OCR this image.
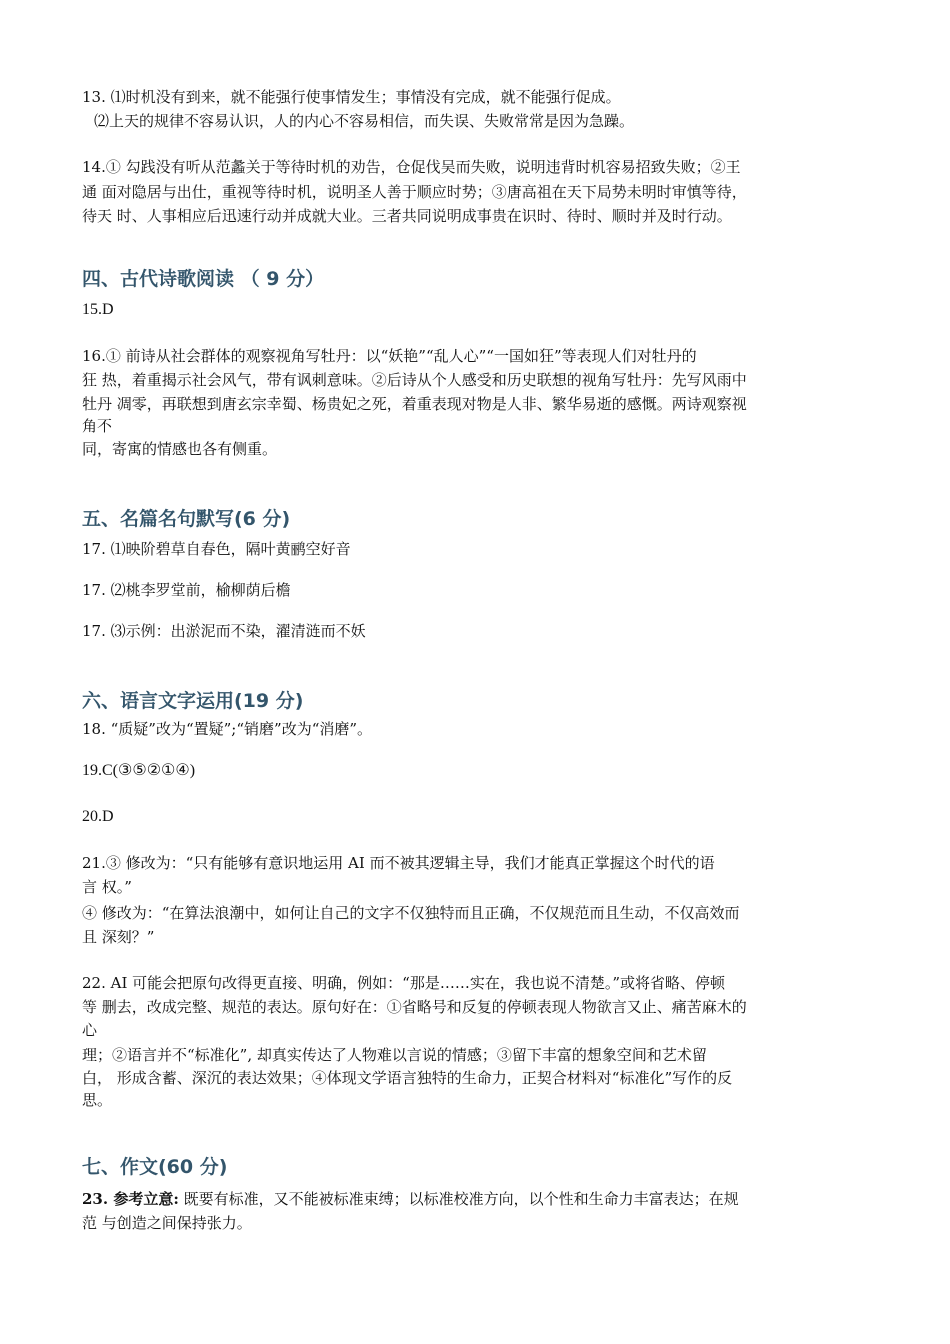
13. ⑴时机没有到来，就不能强行使事情发生；事情没有完成，就不能强行促成。
⑵上天的规律不容易认识，人的内心不容易相信，而失误、失败常常是因为急躁。
14.① 勾践没有听从范蠡关于等待时机的劝告，仓促伐吴而失败，说明违背时机容易招致失败；②王
通 面对隐居与出仕，重视等待时机，说明圣人善于顺应时势；③唐高祖在天下局势未明时审慎等待，
待天 时、人事相应后迅速行动并成就大业。三者共同说明成事贵在识时、待时、顺时并及时行动。
四、古代诗歌阅读 （ 9 分）
15.D
16.① 前诗从社会群体的观察视角写牡丹：以“妖艳”“乱人心”“一国如狂”等表现人们对牡丹的
狂 热，着重揭示社会风气，带有讽刺意味。②后诗从个人感受和历史联想的视角写牡丹：先写风雨中
牡丹 凋零，再联想到唐玄宗幸蜀、杨贵妃之死，着重表现对物是人非、繁华易逝的感慨。两诗观察视
角不
同，寄寓的情感也各有侧重。
五、名篇名句默写(6 分)
17. ⑴映阶碧草自春色，隔叶黄鹂空好音
17. ⑵桃李罗堂前，榆柳荫后檐
17. ⑶示例：出淤泥而不染，濯清涟而不妖
六、语言文字运用(19 分)
18. “质疑”改为“置疑”;“销磨”改为“消磨”。
19.C(③⑤②①④)
20.D
21.③ 修改为：“只有能够有意识地运用 AI 而不被其逻辑主导，我们才能真正掌握这个时代的语
言 权。”
④ 修改为：“在算法浪潮中，如何让自己的文字不仅独特而且正确，不仅规范而且生动，不仅高效而
且 深刻？”
22. AI 可能会把原句改得更直接、明确，例如：“那是……实在，我也说不清楚。”或将省略、停顿
等 删去，改成完整、规范的表达。原句好在：①省略号和反复的停顿表现人物欲言又止、痛苦麻木的
心
理；②语言并不“标准化”, 却真实传达了人物难以言说的情感；③留下丰富的想象空间和艺术留
白， 形成含蓄、深沉的表达效果；④体现文学语言独特的生命力，正契合材料对“标准化”写作的反
思。
七、作文(60 分)
23. 参考立意: 既要有标准，又不能被标准束缚；以标准校准方向，以个性和生命力丰富表达；在规
范 与创造之间保持张力。
